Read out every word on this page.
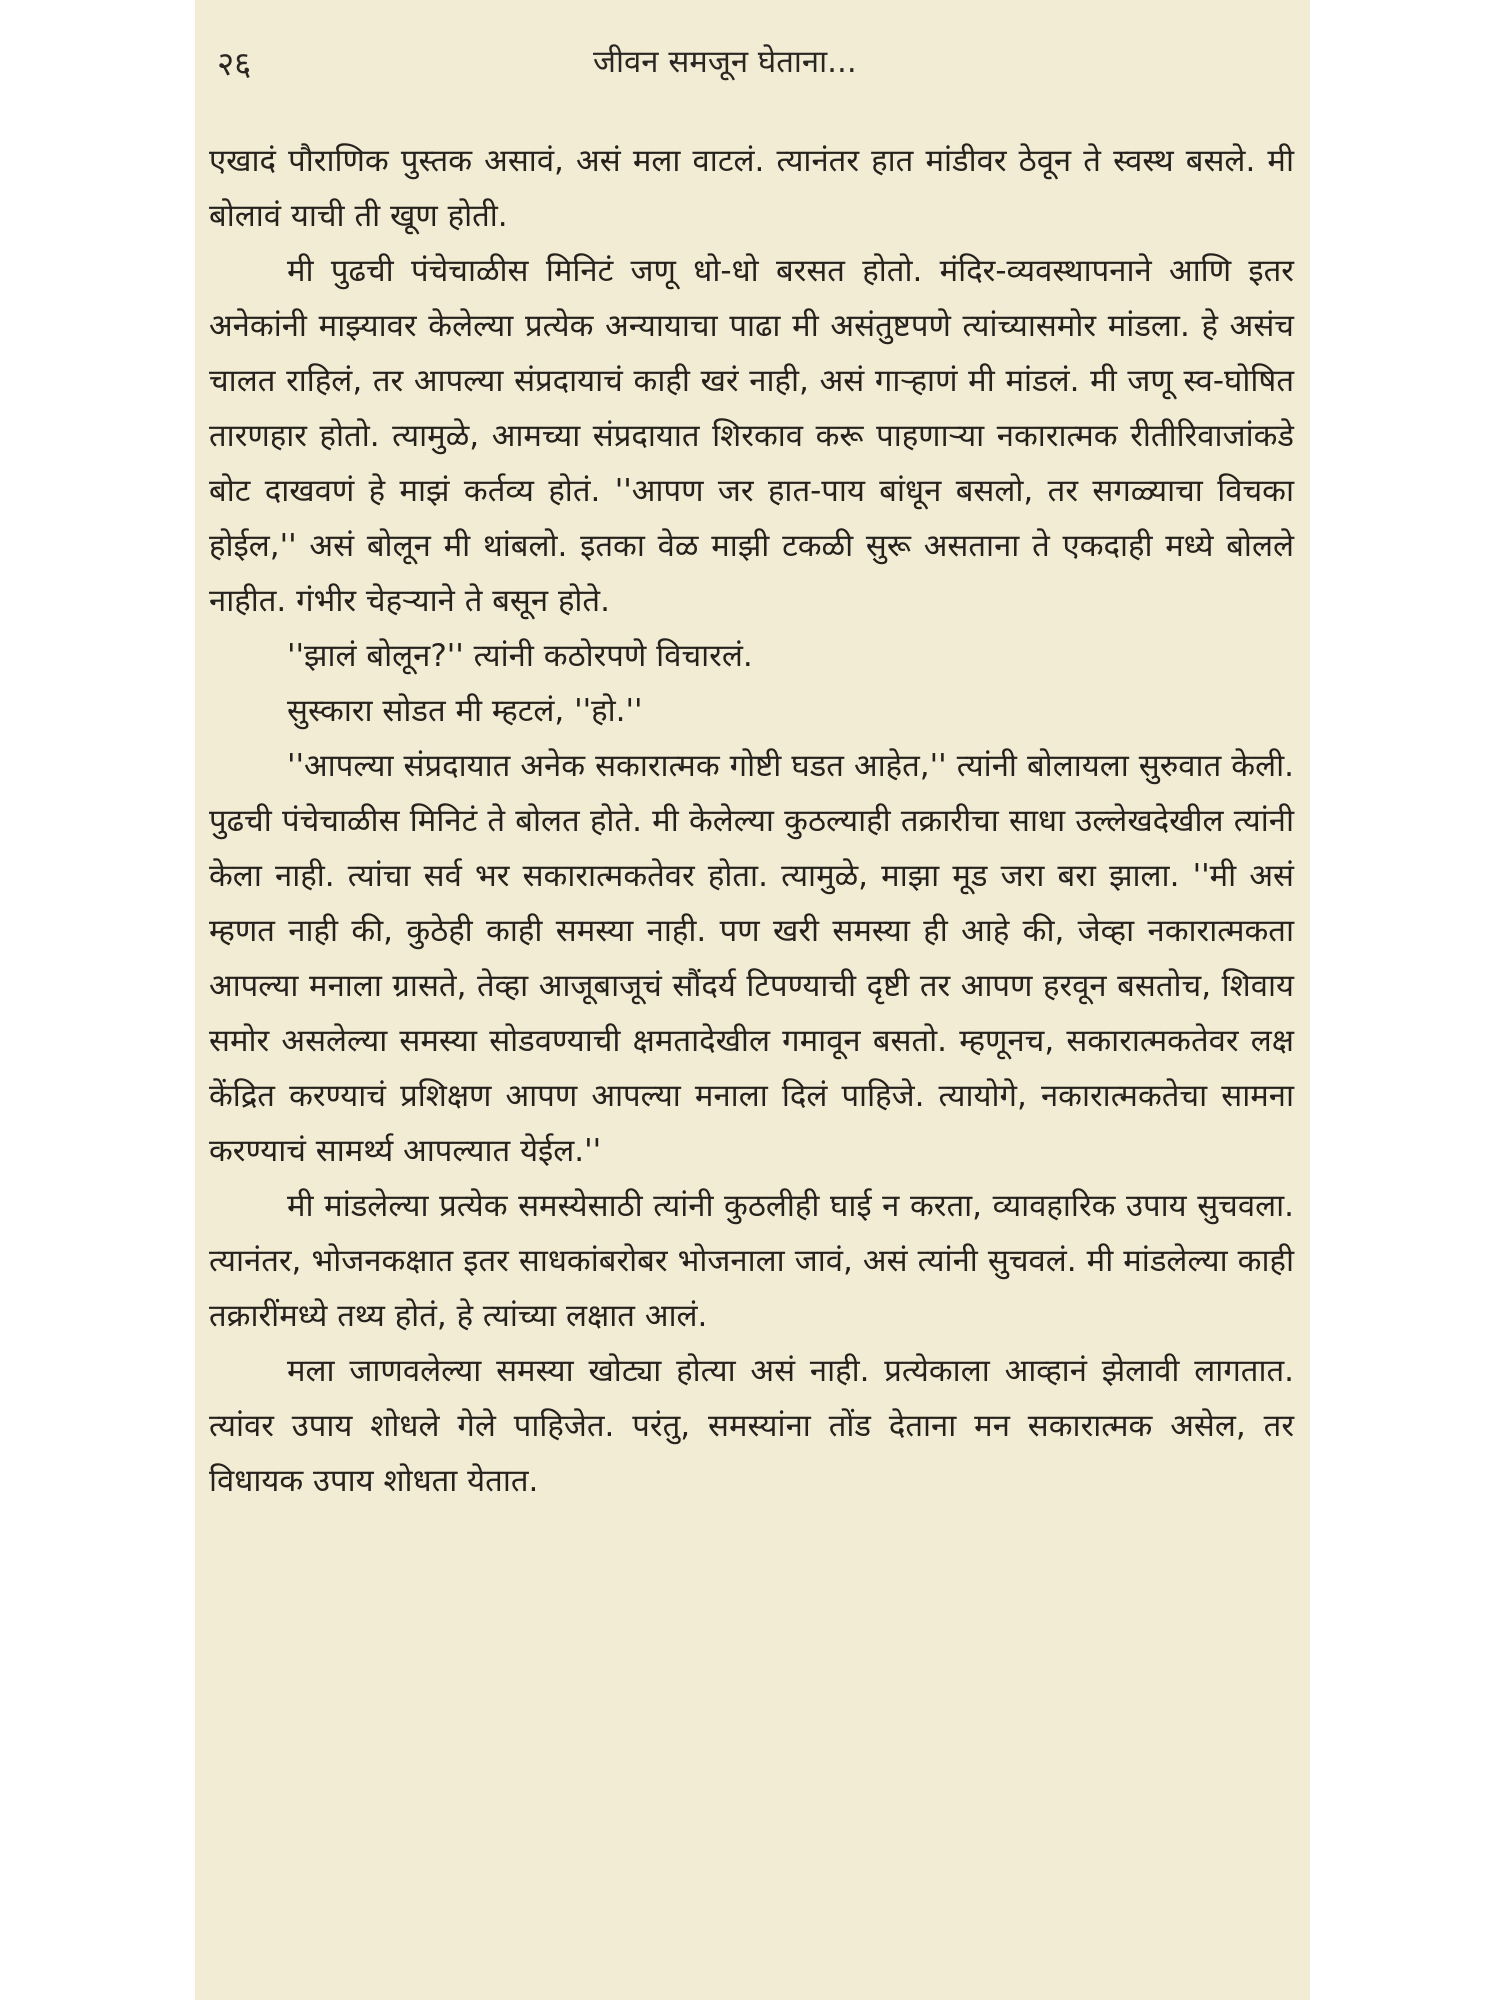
२६	जीवन समजून घेताना...

एखादं पौराणिक पुस्तक असावं, असं मला वाटलं. त्यानंतर हात मांडीवर ठेवून ते स्वस्थ बसले. मी बोलावं याची ती खूण होती.

मी पुढची पंचेचाळीस मिनिटं जणू धो-धो बरसत होतो. मंदिर-व्यवस्थापनाने आणि इतर अनेकांनी माझ्यावर केलेल्या प्रत्येक अन्यायाचा पाढा मी असंतुष्टपणे त्यांच्यासमोर मांडला. हे असंच चालत राहिलं, तर आपल्या संप्रदायाचं काही खरं नाही, असं गाऱ्हाणं मी मांडलं. मी जणू स्व-घोषित तारणहार होतो. त्यामुळे, आमच्या संप्रदायात शिरकाव करू पाहणाऱ्या नकारात्मक रीतीरिवाजांकडे बोट दाखवणं हे माझं कर्तव्य होतं. ''आपण जर हात-पाय बांधून बसलो, तर सगळ्याचा विचका होईल,'' असं बोलून मी थांबलो. इतका वेळ माझी टकळी सुरू असताना ते एकदाही मध्ये बोलले नाहीत. गंभीर चेहऱ्याने ते बसून होते.

''झालं बोलून?'' त्यांनी कठोरपणे विचारलं.

सुस्कारा सोडत मी म्हटलं, ''हो.''

''आपल्या संप्रदायात अनेक सकारात्मक गोष्टी घडत आहेत,'' त्यांनी बोलायला सुरुवात केली. पुढची पंचेचाळीस मिनिटं ते बोलत होते. मी केलेल्या कुठल्याही तक्रारीचा साधा उल्लेखदेखील त्यांनी केला नाही. त्यांचा सर्व भर सकारात्मकतेवर होता. त्यामुळे, माझा मूड जरा बरा झाला. ''मी असं म्हणत नाही की, कुठेही काही समस्या नाही. पण खरी समस्या ही आहे की, जेव्हा नकारात्मकता आपल्या मनाला ग्रासते, तेव्हा आजूबाजूचं सौंदर्य टिपण्याची दृष्टी तर आपण हरवून बसतोच, शिवाय समोर असलेल्या समस्या सोडवण्याची क्षमतादेखील गमावून बसतो. म्हणूनच, सकारात्मकतेवर लक्ष केंद्रित करण्याचं प्रशिक्षण आपण आपल्या मनाला दिलं पाहिजे. त्यायोगे, नकारात्मकतेचा सामना करण्याचं सामर्थ्य आपल्यात येईल.''

मी मांडलेल्या प्रत्येक समस्येसाठी त्यांनी कुठलीही घाई न करता, व्यावहारिक उपाय सुचवला. त्यानंतर, भोजनकक्षात इतर साधकांबरोबर भोजनाला जावं, असं त्यांनी सुचवलं. मी मांडलेल्या काही तक्रारींमध्ये तथ्य होतं, हे त्यांच्या लक्षात आलं.

मला जाणवलेल्या समस्या खोट्या होत्या असं नाही. प्रत्येकाला आव्हानं झेलावी लागतात. त्यांवर उपाय शोधले गेले पाहिजेत. परंतु, समस्यांना तोंड देताना मन सकारात्मक असेल, तर विधायक उपाय शोधता येतात.
